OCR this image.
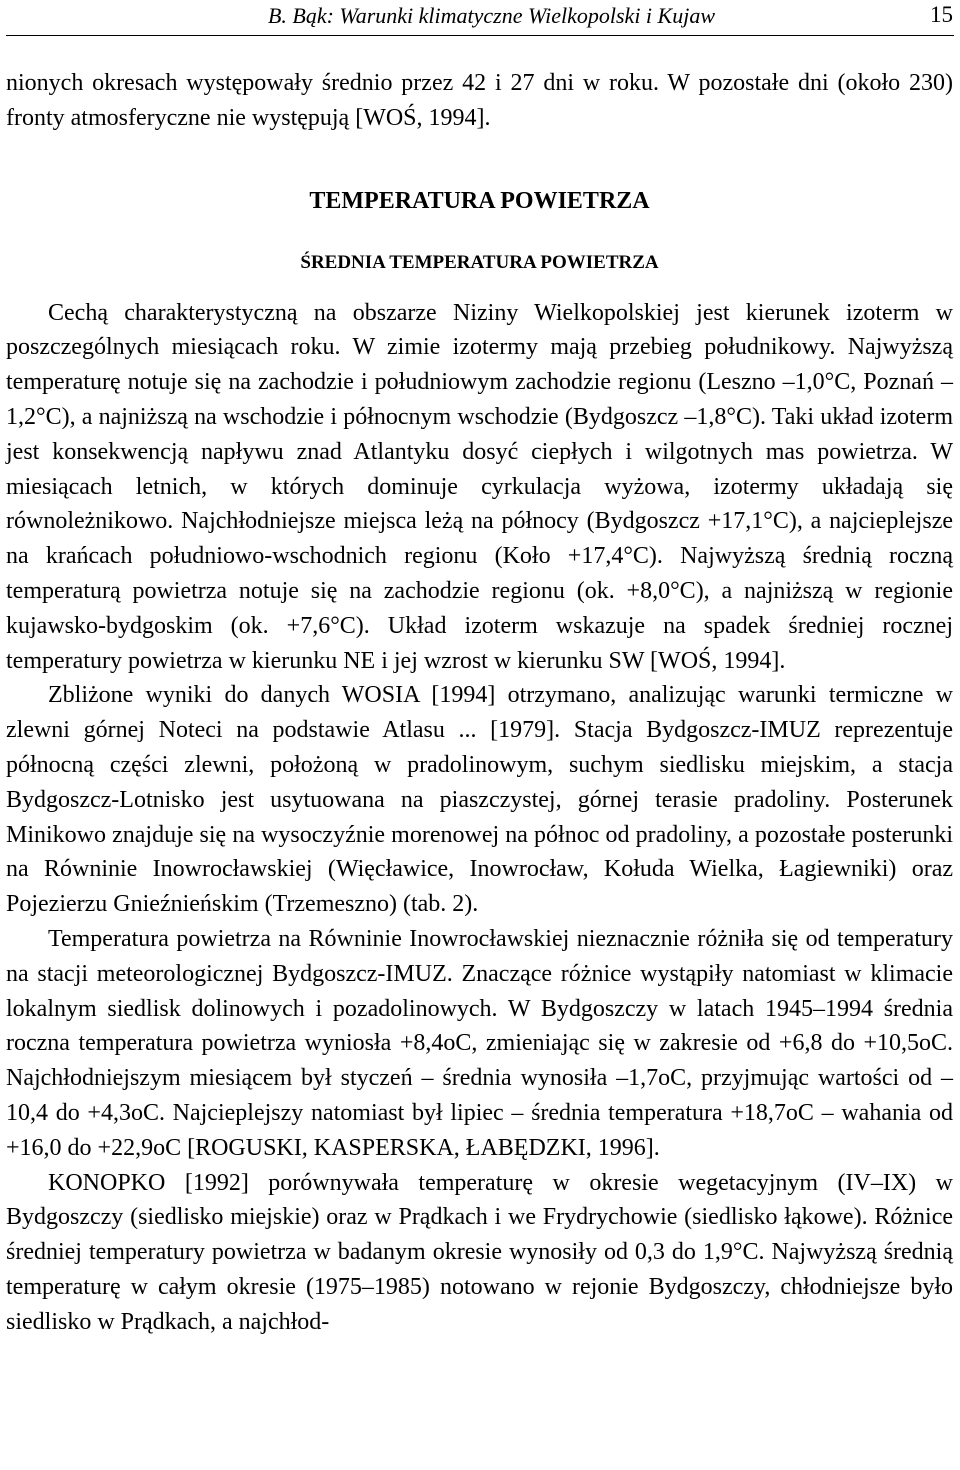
B. Bąk: Warunki klimatyczne Wielkopolski i Kujaw	15

nionych okresach występowały średnio przez 42 i 27 dni w roku. W pozostałe dni (około 230) fronty atmosferyczne nie występują [WOŚ, 1994].

TEMPERATURA POWIETRZA
ŚREDNIA TEMPERATURA POWIETRZA

Cechą charakterystyczną na obszarze Niziny Wielkopolskiej jest kierunek izoterm w poszczególnych miesiącach roku. W zimie izotermy mają przebieg południkowy. Najwyższą temperaturę notuje się na zachodzie i południowym zachodzie regionu (Leszno –1,0°C, Poznań –1,2°C), a najniższą na wschodzie i północnym wschodzie (Bydgoszcz –1,8°C). Taki układ izoterm jest konsekwencją napływu znad Atlantyku dosyć ciepłych i wilgotnych mas powietrza. W miesiącach letnich, w których dominuje cyrkulacja wyżowa, izotermy układają się równoleżnikowo. Najchłodniejsze miejsca leżą na północy (Bydgoszcz +17,1°C), a najcieplejsze na krańcach południowo-wschodnich regionu (Koło +17,4°C). Najwyższą średnią roczną temperaturą powietrza notuje się na zachodzie regionu (ok. +8,0°C), a najniższą w regionie kujawsko-bydgoskim (ok. +7,6°C). Układ izoterm wskazuje na spadek średniej rocznej temperatury powietrza w kierunku NE i jej wzrost w kierunku SW [WOŚ, 1994].

Zbliżone wyniki do danych WOSIA [1994] otrzymano, analizując warunki termiczne w zlewni górnej Noteci na podstawie Atlasu ... [1979]. Stacja Bydgoszcz-IMUZ reprezentuje północną części zlewni, położoną w pradolinowym, suchym siedlisku miejskim, a stacja Bydgoszcz-Lotnisko jest usytuowana na piaszczystej, górnej terasie pradoliny. Posterunek Minikowo znajduje się na wysoczyźnie morenowej na północ od pradoliny, a pozostałe posterunki na Równinie Inowrocławskiej (Więcławice, Inowrocław, Kołuda Wielka, Łagiewniki) oraz Pojezierzu Gnieźnieńskim (Trzemeszno) (tab. 2).

Temperatura powietrza na Równinie Inowrocławskiej nieznacznie różniła się od temperatury na stacji meteorologicznej Bydgoszcz-IMUZ. Znaczące różnice wystąpiły natomiast w klimacie lokalnym siedlisk dolinowych i pozadolinowych. W Bydgoszczy w latach 1945–1994 średnia roczna temperatura powietrza wyniosła +8,4oC, zmieniając się w zakresie od +6,8 do +10,5oC. Najchłodniejszym miesiącem był styczeń – średnia wynosiła –1,7oC, przyjmując wartości od –10,4 do +4,3oC. Najcieplejszy natomiast był lipiec – średnia temperatura +18,7oC – wahania od +16,0 do +22,9oC [ROGUSKI, KASPERSKA, ŁABĘDZKI, 1996].

KONOPKO [1992] porównywała temperaturę w okresie wegetacyjnym (IV–IX) w Bydgoszczy (siedlisko miejskie) oraz w Prądkach i we Frydrychowie (siedlisko łąkowe). Różnice średniej temperatury powietrza w badanym okresie wynosiły od 0,3 do 1,9°C. Najwyższą średnią temperaturę w całym okresie (1975–1985) notowano w rejonie Bydgoszczy, chłodniejsze było siedlisko w Prądkach, a najchłod-
